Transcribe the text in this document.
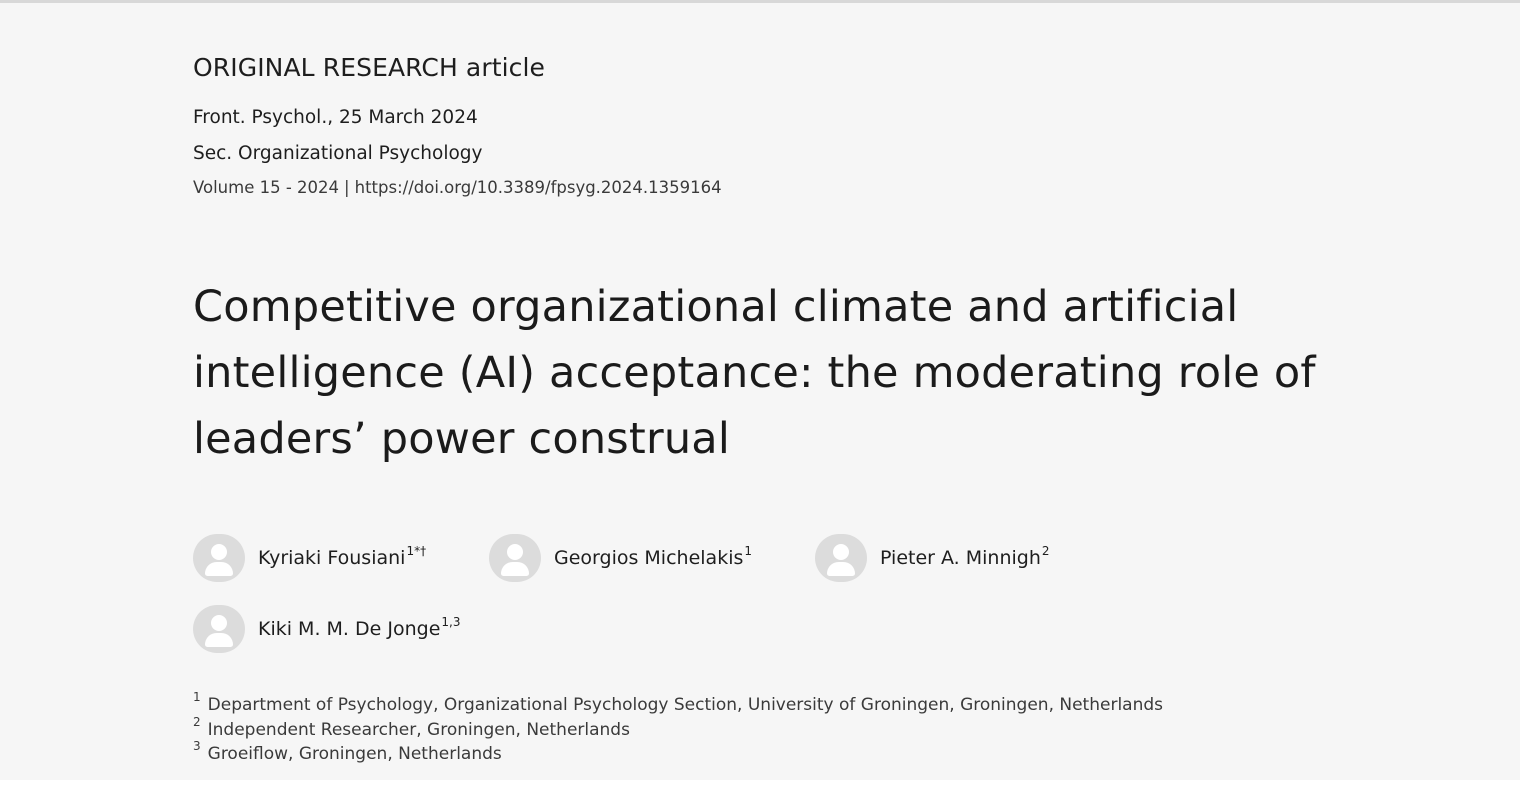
ORIGINAL RESEARCH article
Front. Psychol., 25 March 2024
Sec. Organizational Psychology
Volume 15 - 2024 | https://doi.org/10.3389/fpsyg.2024.1359164
Competitive organizational climate and artificial intelligence (AI) acceptance: the moderating role of leaders’ power construal
Kyriaki Fousiani$^{1*\dagger}$	Georgios Michelakis$^1$	Pieter A. Minnigh$^2$
Kiki M. M. De Jonge$^{1,3}$
$^1$ Department of Psychology, Organizational Psychology Section, University of Groningen, Groningen, Netherlands
$^2$ Independent Researcher, Groningen, Netherlands
$^3$ Groeiflow, Groningen, Netherlands
